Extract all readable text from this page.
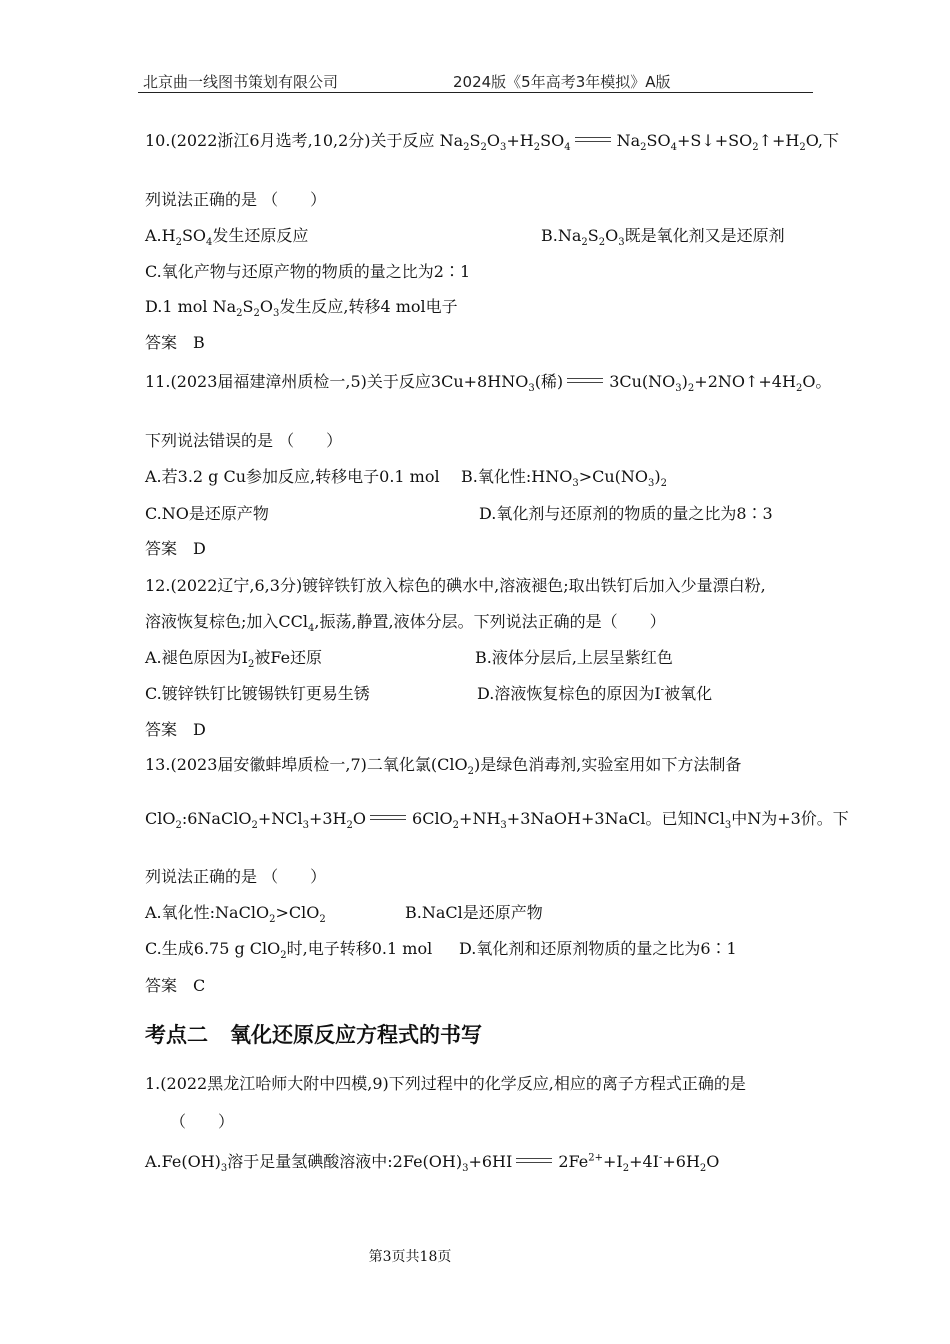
北京曲一线图书策划有限公司	2024版《5年高考3年模拟》A版
10.(2022浙江6月选考,10,2分)关于反应 $Na_2S_2O_3+H_2SO_4$	$Na_2SO_4+S↓+SO_2↑+H_2O$,下
列说法正确的是 （　　）
$A.H_2SO_4$发生还原反应	$B.Na_2S_2O_3$既是氧化剂又是还原剂
C.氧化产物与还原产物的物质的量之比为2∶1
D.1 mol $Na_2S_2O_3$发生反应,转移4 mol电子
答案　B
11.(2023届福建漳州质检一,5)关于反应$3Cu+8HNO_3$(稀)	$3Cu(NO_3)_2+2NO↑+4H_2O$。
下列说法错误的是 （　　）
A.若3.2 g Cu参加反应,转移电子0.1 mol B.氧化性$:HNO_3>Cu(NO_3)_2$
C.NO是还原产物	D.氧化剂与还原剂的物质的量之比为8∶3
答案　D
12.(2022辽宁,6,3分)镀锌铁钉放入棕色的碘水中,溶液褪色;取出铁钉后加入少量漂白粉,
溶液恢复棕色;加入CCl$_4$,振荡,静置,液体分层。下列说法正确的是（　　）
A.褪色原因为$I_2$被Fe还原	B.液体分层后,上层呈紫红色
C.镀锌铁钉比镀锡铁钉更易生锈	D.溶液恢复棕色的原因为I-被氧化
答案　D
13.(2023届安徽蚌埠质检一,7)二氧化氯(ClO$_2$)是绿色消毒剂,实验室用如下方法制备
$ClO_2:6NaClO_2+NCl_3+3H_2O$	$6ClO_2+NH_3+3NaOH+3NaCl$。已知NCl$_3$中N为+3价。下
列说法正确的是 （　　）
A.氧化性:NaClO$_2$>ClO$_2$	B.NaCl是还原产物
C.生成6.75 g ClO$_2$时,电子转移0.1 mol D.氧化剂和还原剂物质的量之比为6∶1
答案　C
考点二 氧化还原反应方程式的书写
1.(2022黑龙江哈师大附中四模,9)下列过程中的化学反应,相应的离子方程式正确的是
（　　）
$A.Fe(OH)_3$溶于足量氢碘酸溶液中$:2Fe(OH)_3+6HI$	$2Fe^{2+}+I_2+4I^-+6H_2O$
第3页共18页
